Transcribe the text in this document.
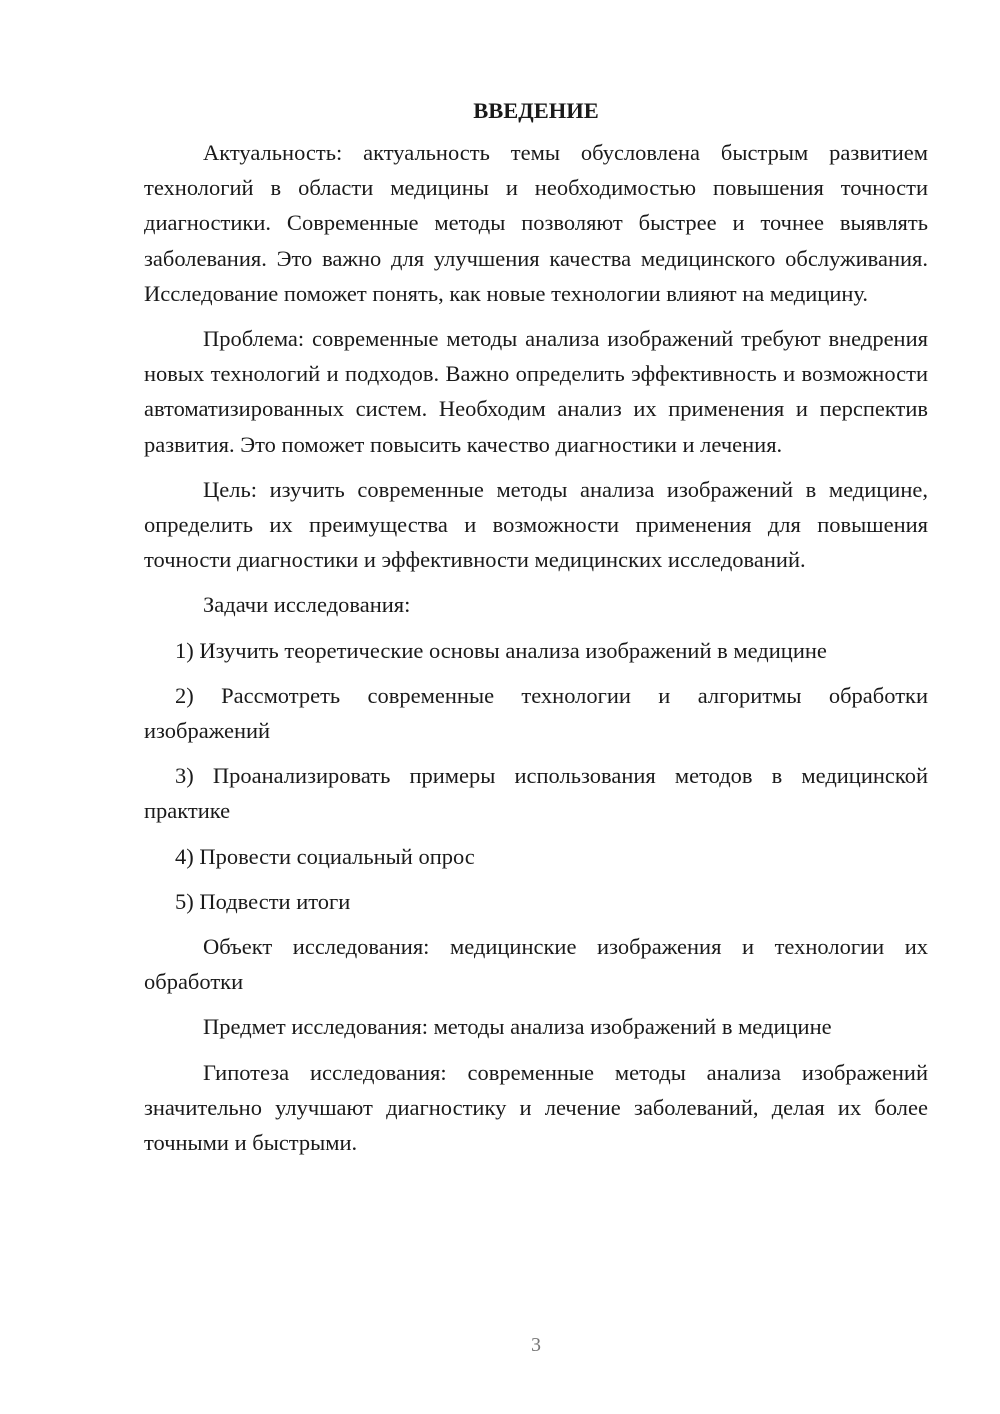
ВВЕДЕНИЕ

Актуальность: актуальность темы обусловлена быстрым развитием технологий в области медицины и необходимостью повышения точности диагностики. Современные методы позволяют быстрее и точнее выявлять заболевания. Это важно для улучшения качества медицинского обслуживания. Исследование поможет понять, как новые технологии влияют на медицину.

Проблема: современные методы анализа изображений требуют внедрения новых технологий и подходов. Важно определить эффективность и возможности автоматизированных систем. Необходим анализ их применения и перспектив развития. Это поможет повысить качество диагностики и лечения.

Цель: изучить современные методы анализа изображений в медицине, определить их преимущества и возможности применения для повышения точности диагностики и эффективности медицинских исследований.

Задачи исследования:

1) Изучить теоретические основы анализа изображений в медицине

2) Рассмотреть современные технологии и алгоритмы обработки изображений

3) Проанализировать примеры использования методов в медицинской практике

4) Провести социальный опрос

5) Подвести итоги

Объект исследования: медицинские изображения и технологии их обработки

Предмет исследования: методы анализа изображений в медицине

Гипотеза исследования: современные методы анализа изображений значительно улучшают диагностику и лечение заболеваний, делая их более точными и быстрыми.

3
